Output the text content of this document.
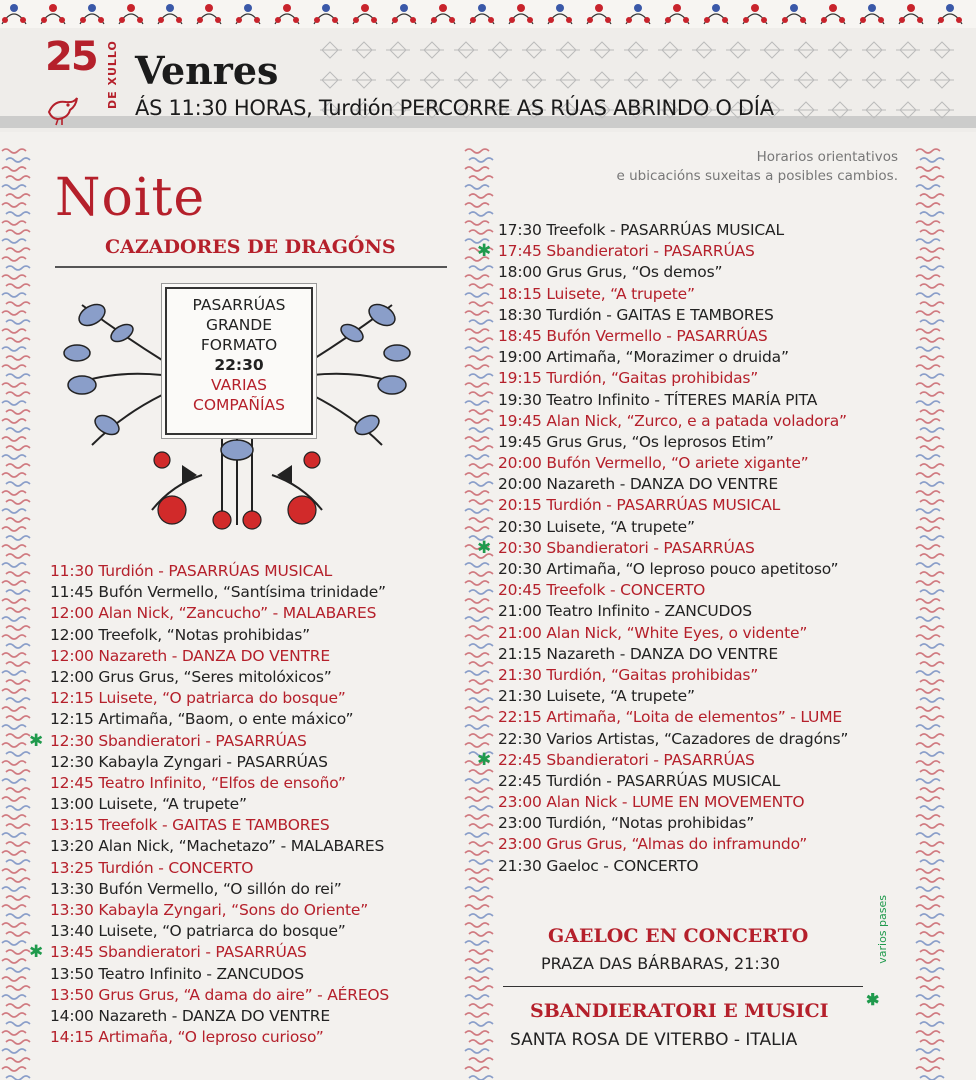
25 DE XULLO Venres
ÁS 11:30 HORAS, Turdión PERCORRE AS RÚAS ABRINDO O DÍA
Noite
CAZADORES DE DRAGÓNS
PASARRÚAS
GRANDE
FORMATO
22:30
VARIAS
COMPAÑÍAS
11:30 Turdión - PASARRÚAS MUSICAL
11:45 Bufón Vermello, “Santísima trinidade”
12:00 Alan Nick, “Zancucho” - MALABARES
12:00 Treefolk, “Notas prohibidas”
12:00 Nazareth - DANZA DO VENTRE
12:00 Grus Grus, “Seres mitolóxicos”
12:15 Luisete, “O patriarca do bosque”
12:15 Artimaña, “Baom, o ente máxico”
✱ 12:30 Sbandieratori - PASARRÚAS
12:30 Kabayla Zyngari - PASARRÚAS
12:45 Teatro Infinito, “Elfos de ensoño”
13:00 Luisete, “A trupete”
13:15 Treefolk - GAITAS E TAMBORES
13:20 Alan Nick, “Machetazo” - MALABARES
13:25 Turdión - CONCERTO
13:30 Bufón Vermello, “O sillón do rei”
13:30 Kabayla Zyngari, “Sons do Oriente”
13:40 Luisete, “O patriarca do bosque”
✱ 13:45 Sbandieratori - PASARRÚAS
13:50 Teatro Infinito - ZANCUDOS
13:50 Grus Grus, “A dama do aire” - AÉREOS
14:00 Nazareth - DANZA DO VENTRE
14:15 Artimaña, “O leproso curioso”
17:30 Treefolk - PASARRÚAS MUSICAL
✱ 17:45 Sbandieratori - PASARRÚAS
18:00 Grus Grus, “Os demos”
18:15 Luisete, “A trupete”
18:30 Turdión - GAITAS E TAMBORES
18:45 Bufón Vermello - PASARRÚAS
19:00 Artimaña, “Morazimer o druida”
19:15 Turdión, “Gaitas prohibidas”
19:30 Teatro Infinito - TÍTERES MARÍA PITA
19:45 Alan Nick, “Zurco, e a patada voladora”
19:45 Grus Grus, “Os leprosos Etim”
20:00 Bufón Vermello, “O ariete xigante”
20:00 Nazareth - DANZA DO VENTRE
20:15 Turdión - PASARRÚAS MUSICAL
20:30 Luisete, “A trupete”
✱ 20:30 Sbandieratori - PASARRÚAS
20:30 Artimaña, “O leproso pouco apetitoso”
20:45 Treefolk - CONCERTO
21:00 Teatro Infinito - ZANCUDOS
21:00 Alan Nick, “White Eyes, o vidente”
21:15 Nazareth - DANZA DO VENTRE
21:30 Turdión, “Gaitas prohibidas”
21:30 Luisete, “A trupete”
22:15 Artimaña, “Loita de elementos” - LUME
22:30 Varios Artistas, “Cazadores de dragóns”
✱ 22:45 Sbandieratori - PASARRÚAS
22:45 Turdión - PASARRÚAS MUSICAL
23:00 Alan Nick - LUME EN MOVEMENTO
23:00 Turdión, “Notas prohibidas”
23:00 Grus Grus, “Almas do inframundo”
21:30 Gaeloc - CONCERTO
Horarios orientativos
e ubicacións suxeitas a posibles cambios.
GAELOC EN CONCERTO
PRAZA DAS BÁRBARAS, 21:30	varios pases
✱
SBANDIERATORI E MUSICI
SANTA ROSA DE VITERBO - ITALIA
